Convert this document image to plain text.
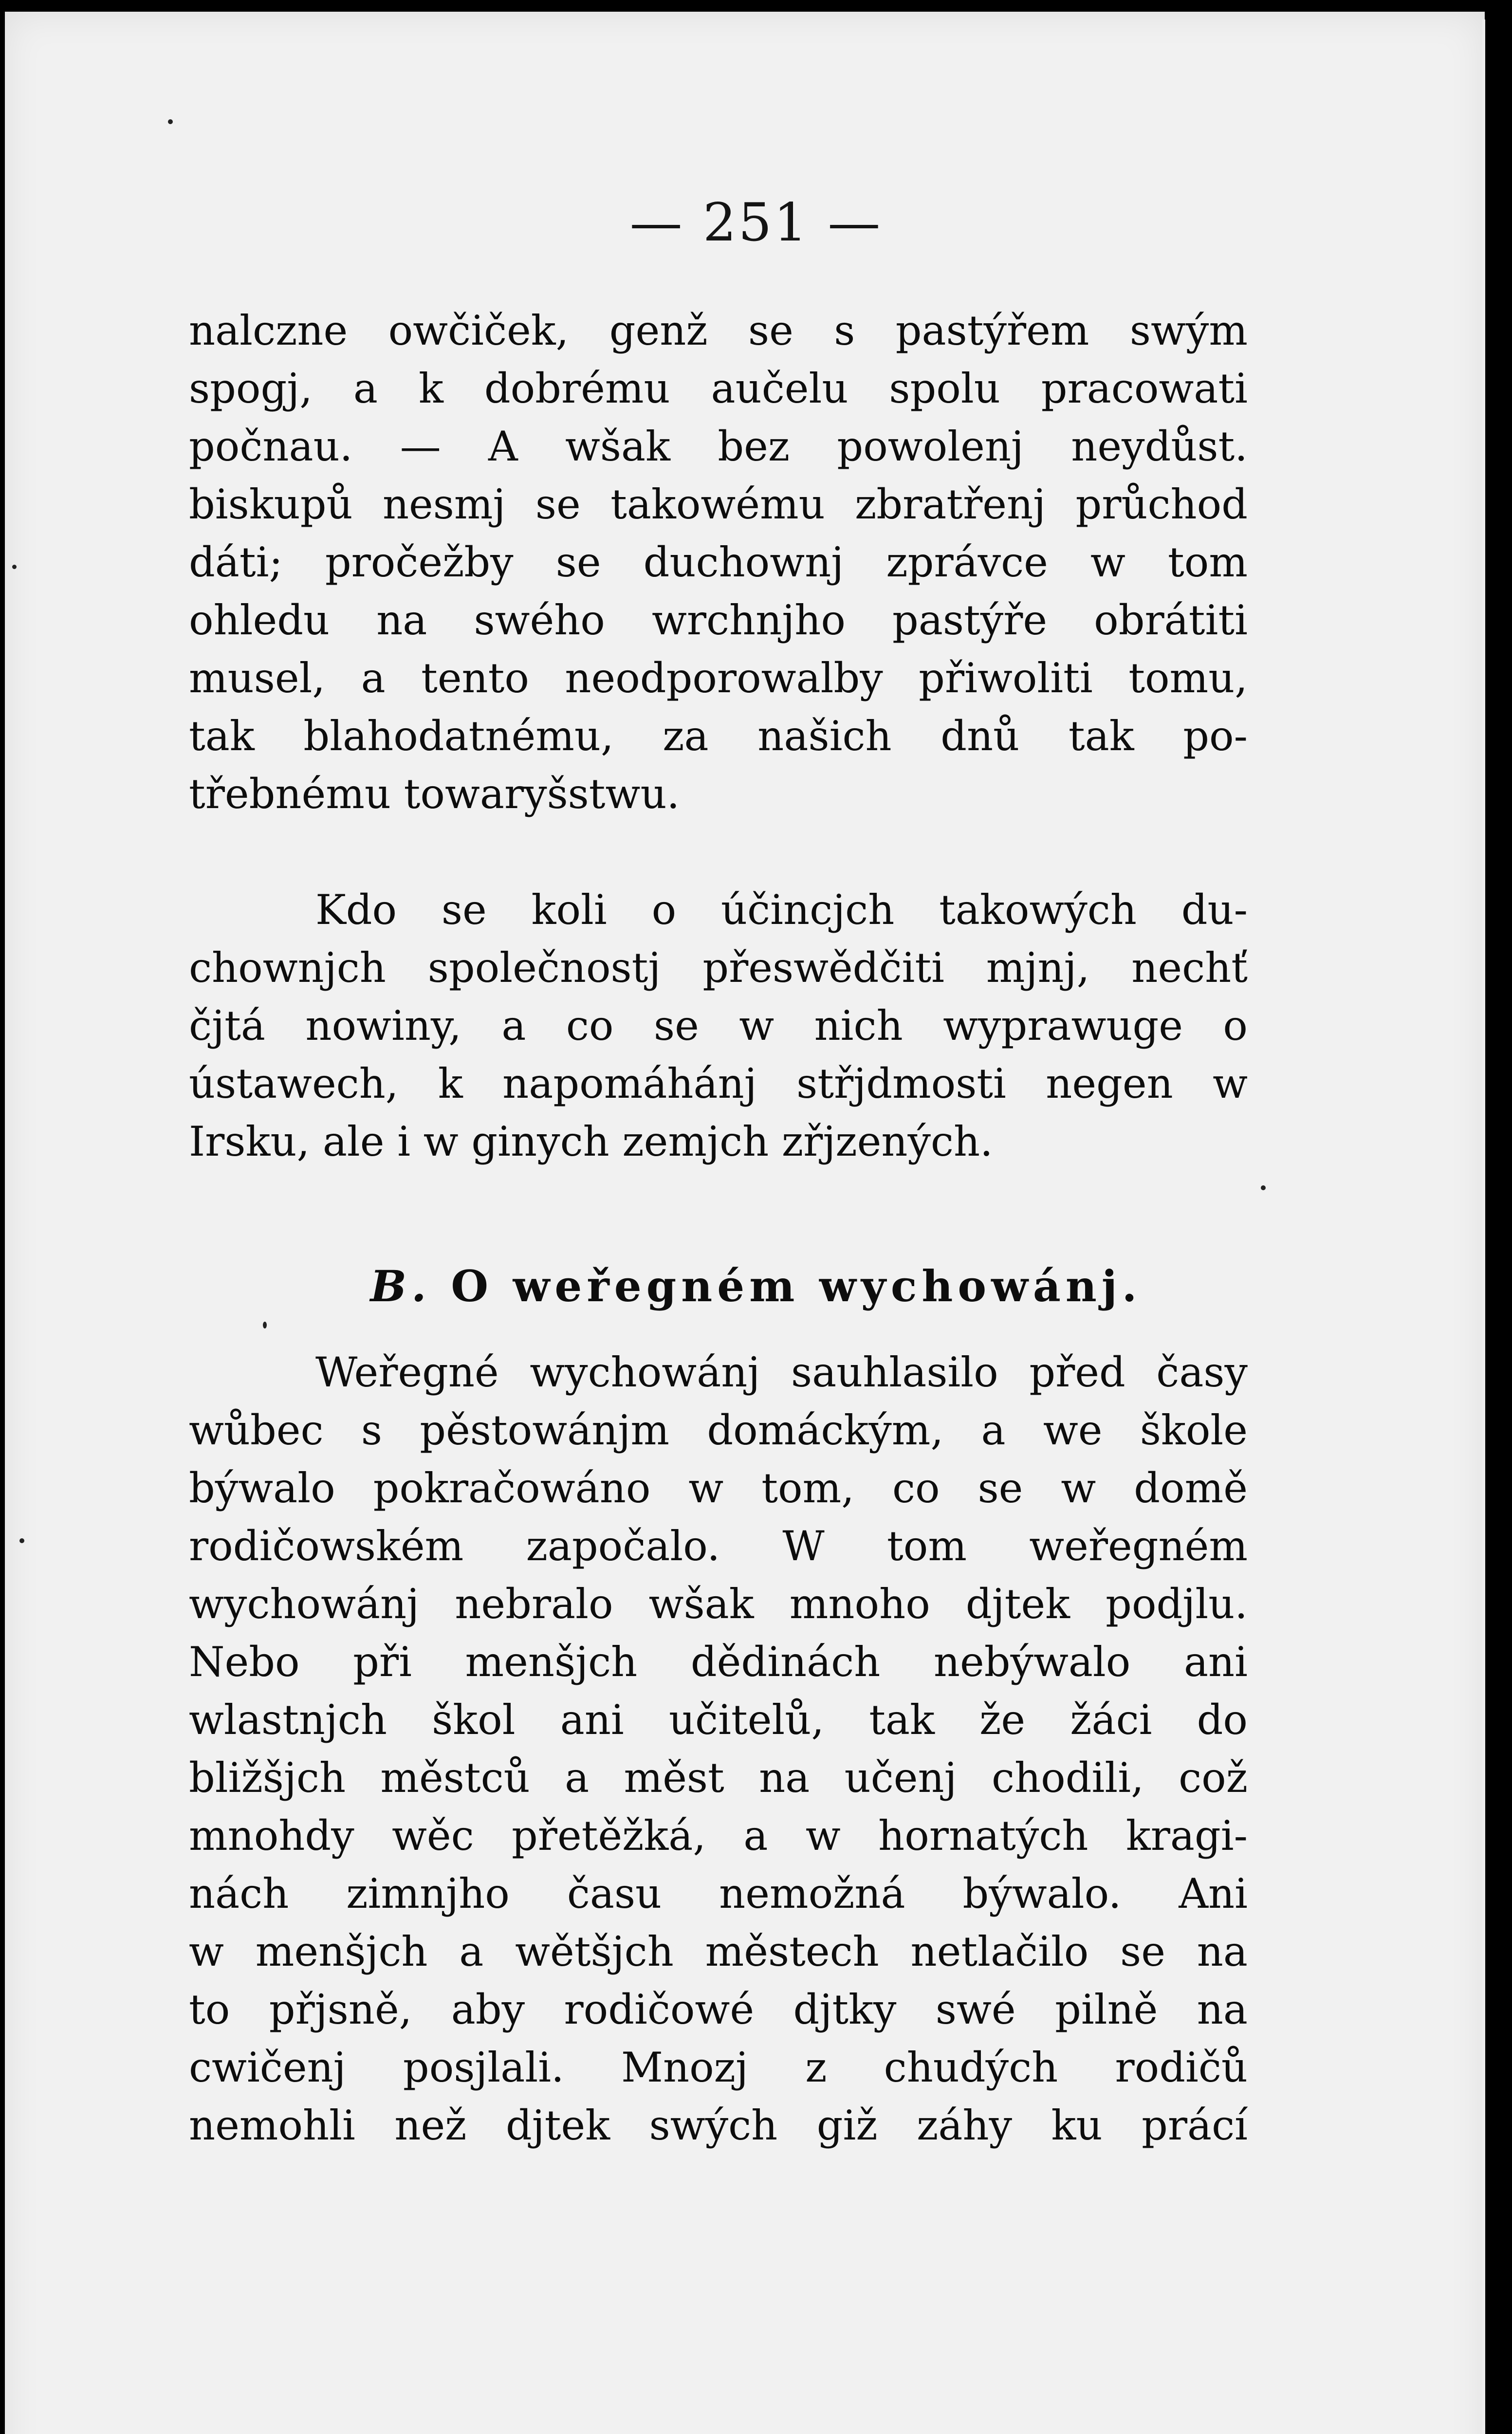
— 251 —

nalczne owčiček, genž se s pastýřem swým
spogj, a k dobrému aučelu spolu pracowati
počnau. — A wšak bez powolenj neydůst.
biskupů nesmj se takowému zbratřenj průchod
dáti; pročežby se duchownj zprávce w tom
ohledu na swého wrchnjho pastýře obrátiti
musel, a tento neodporowalby přiwoliti tomu,
tak blahodatnému, za našich dnů tak po-
třebnému towaryšstwu.

Kdo se koli o účincjch takowých du-
chownjch společnostj přeswědčiti mjnj, nechť
čjtá nowiny, a co se w nich wyprawuge o
ústawech, k napomáhánj střjdmosti negen w
Irsku, ale i w ginych zemjch zřjzených.

B. O weřegném wychowánj.

Weřegné wychowánj sauhlasilo před časy
wůbec s pěstowánjm domáckým, a we škole
býwalo pokračowáno w tom, co se w domě
rodičowském započalo. W tom weřegném
wychowánj nebralo wšak mnoho djtek podjlu.
Nebo při menšjch dědinách nebýwalo ani
wlastnjch škol ani učitelů, tak že žáci do
bližšjch městců a měst na učenj chodili, což
mnohdy wěc přetěžká, a w hornatých kragi-
nách zimnjho času nemožná býwalo. Ani
w menšjch a wětšjch městech netlačilo se na
to přjsně, aby rodičowé djtky swé pilně na
cwičenj posjlali. Mnozj z chudých rodičů
nemohli než djtek swých giž záhy ku prácí
